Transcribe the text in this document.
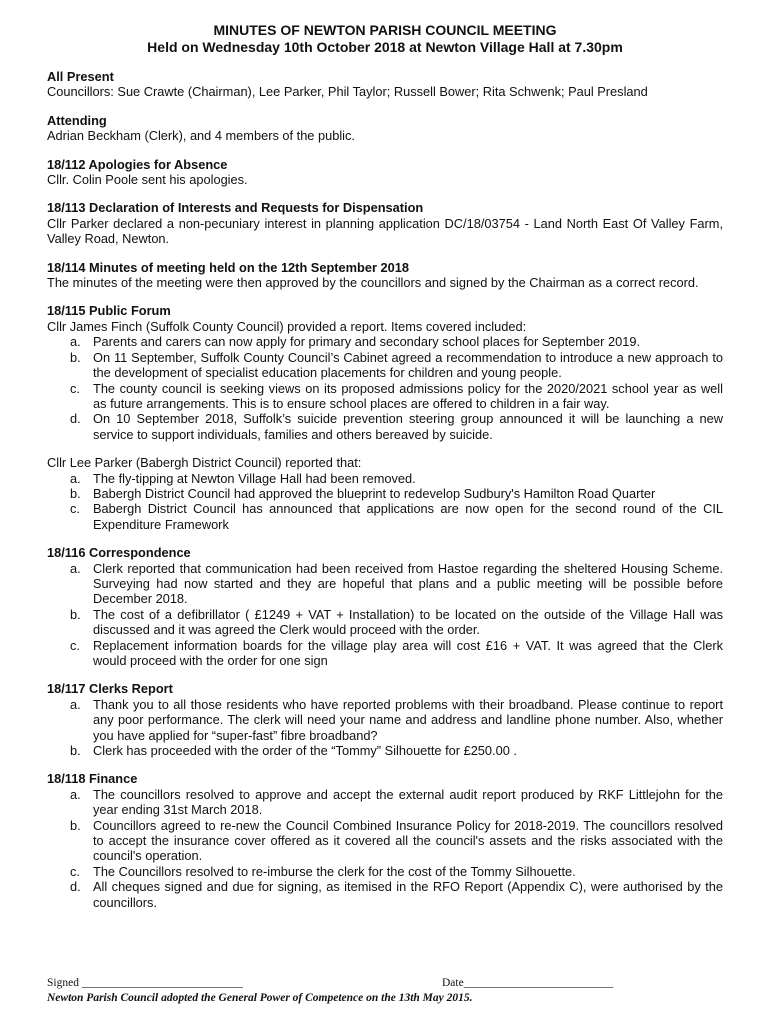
MINUTES OF NEWTON PARISH COUNCIL MEETING
Held on Wednesday 10th October 2018 at Newton Village Hall at 7.30pm
All Present
Councillors: Sue Crawte (Chairman), Lee Parker, Phil Taylor; Russell Bower; Rita Schwenk; Paul Presland
Attending
Adrian Beckham (Clerk), and 4 members of the public.
18/112 Apologies for Absence
Cllr. Colin Poole sent his apologies.
18/113 Declaration of Interests and Requests for Dispensation
Cllr Parker declared a non-pecuniary interest in planning application DC/18/03754 - Land North East Of Valley Farm, Valley Road, Newton.
18/114 Minutes of meeting held on the 12th September 2018
The minutes of the meeting were then approved by the councillors and signed by the Chairman as a correct record.
18/115 Public Forum
Cllr James Finch (Suffolk County Council) provided a report. Items covered included:
a. Parents and carers can now apply for primary and secondary school places for September 2019.
b. On 11 September, Suffolk County Council’s Cabinet agreed a recommendation to introduce a new approach to the development of specialist education placements for children and young people.
c. The county council is seeking views on its proposed admissions policy for the 2020/2021 school year as well as future arrangements. This is to ensure school places are offered to children in a fair way.
d. On 10 September 2018, Suffolk’s suicide prevention steering group announced it will be launching a new service to support individuals, families and others bereaved by suicide.
Cllr Lee Parker (Babergh District Council) reported that:
a. The fly-tipping at Newton Village Hall had been removed.
b. Babergh District Council had approved the blueprint to redevelop Sudbury's Hamilton Road Quarter
c. Babergh District Council has announced that applications are now open for the second round of the CIL Expenditure Framework
18/116 Correspondence
a. Clerk reported that communication had been received from Hastoe regarding the sheltered Housing Scheme. Surveying had now started and they are hopeful that plans and a public meeting will be possible before December 2018.
b. The cost of a defibrillator ( £1249 + VAT + Installation) to be located on the outside of the Village Hall was discussed and it was agreed the Clerk would proceed with the order.
c. Replacement information boards for the village play area will cost £16 + VAT. It was agreed that the Clerk would proceed with the order for one sign
18/117 Clerks Report
a. Thank you to all those residents who have reported problems with their broadband. Please continue to report any poor performance. The clerk will need your name and address and landline phone number. Also, whether you have applied for “super-fast” fibre broadband?
b. Clerk has proceeded with the order of the “Tommy” Silhouette for £250.00 .
18/118 Finance
a. The councillors resolved to approve and accept the external audit report produced by RKF Littlejohn for the year ending 31st March 2018.
b. Councillors agreed to re-new the Council Combined Insurance Policy for 2018-2019. The councillors resolved to accept the insurance cover offered as it covered all the council's assets and the risks associated with the council's operation.
c. The Councillors resolved to re-imburse the clerk for the cost of the Tommy Silhouette.
d. All cheques signed and due for signing, as itemised in the RFO Report (Appendix C), were authorised by the councillors.
Signed ____________________________	Date__________________________
Newton Parish Council adopted the General Power of Competence on the 13th May 2015.
